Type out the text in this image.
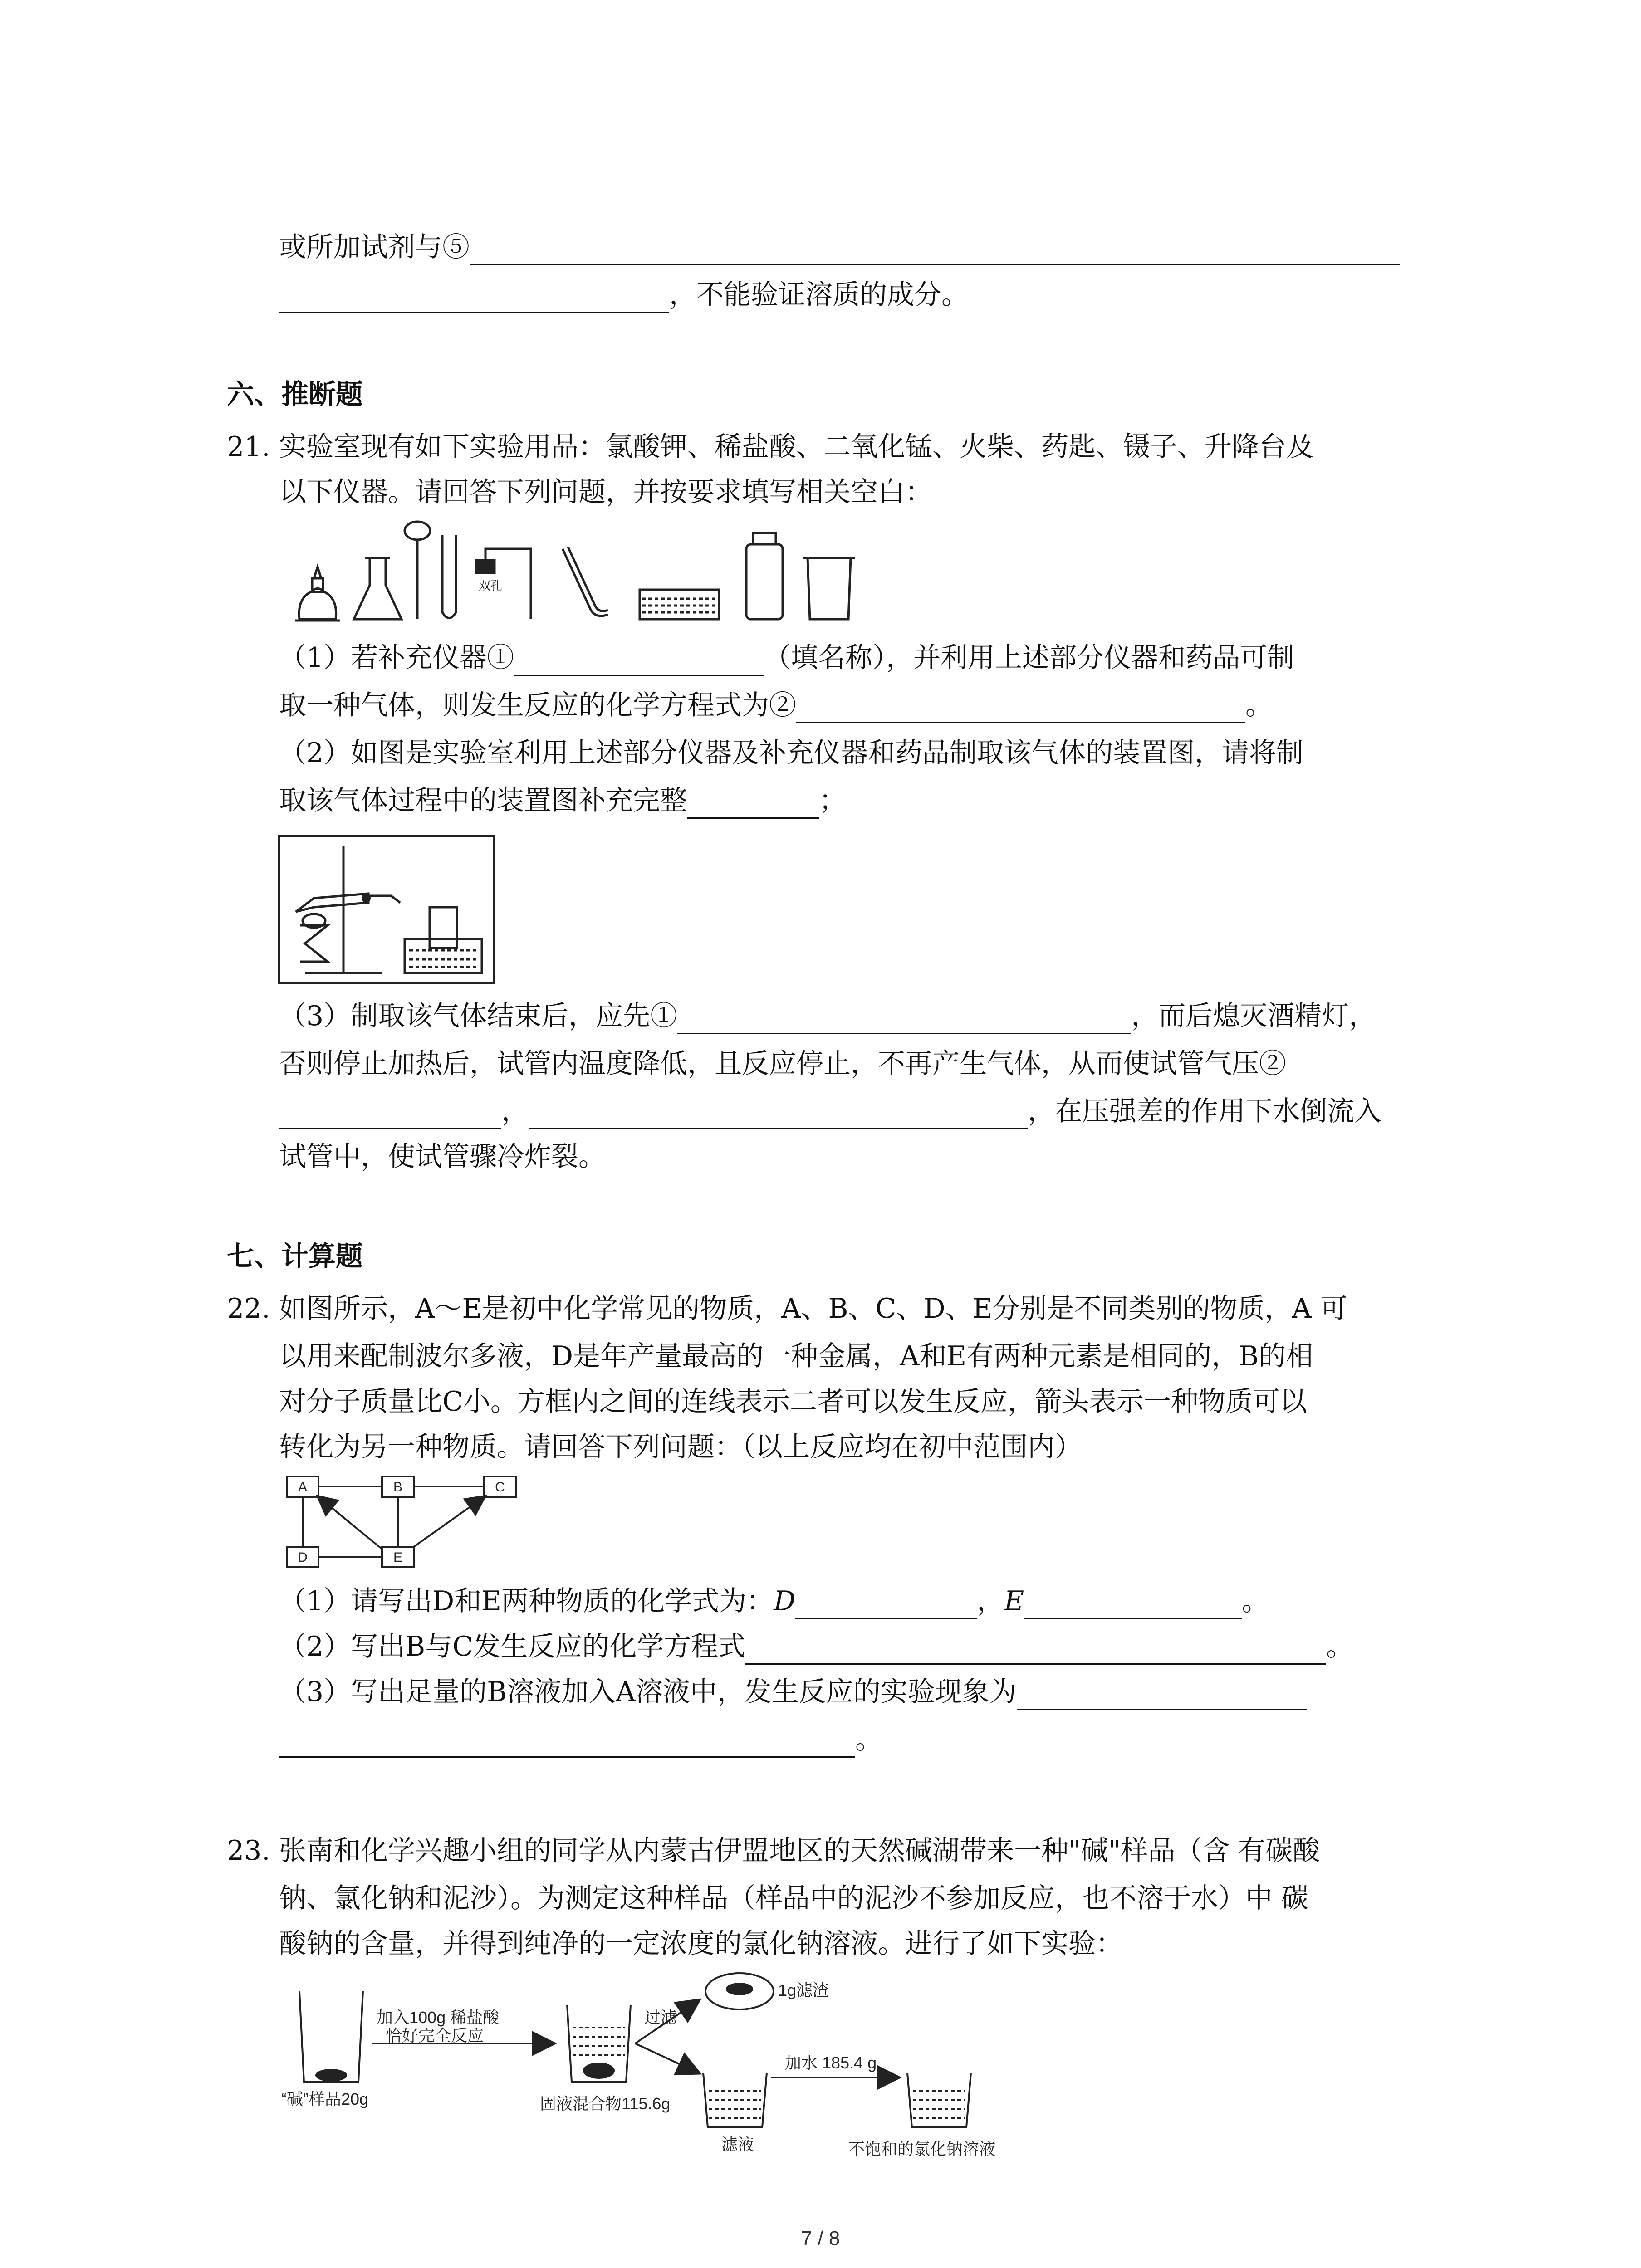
或所加试剂与⑤
，不能验证溶质的成分。
六、推断题
21. 实验室现有如下实验用品：氯酸钾、稀盐酸、二氧化锰、火柴、药匙、镊子、升降台及
以下仪器。请回答下列问题，并按要求填写相关空白：
双孔
（1）若补充仪器①	（填名称），并利用上述部分仪器和药品可制
取一种气体，则发生反应的化学方程式为②	。
（2）如图是实验室利用上述部分仪器及补充仪器和药品制取该气体的装置图，请将制
取该气体过程中的装置图补充完整	；
（3）制取该气体结束后，应先①	，而后熄灭酒精灯，
否则停止加热后，试管内温度降低，且反应停止，不再产生气体，从而使试管气压②
，	，在压强差的作用下水倒流入
试管中，使试管骤冷炸裂。
七、计算题
22. 如图所示，A～E是初中化学常见的物质，A、B、C、D、E分别是不同类别的物质，A 可
以用来配制波尔多液，D是年产量最高的一种金属，A和E有两种元素是相同的，B的相
对分子质量比C小。方框内之间的连线表示二者可以发生反应，箭头表示一种物质可以
转化为另一种物质。请回答下列问题：（以上反应均在初中范围内）
A	B	C
D	E
（1）请写出D和E两种物质的化学式为：D	，E	。
（2）写出B与C发生反应的化学方程式	。
（3）写出足量的B溶液加入A溶液中，发生反应的实验现象为
。
23. 张南和化学兴趣小组的同学从内蒙古伊盟地区的天然碱湖带来一种"碱"样品（含 有碳酸
钠、氯化钠和泥沙）。为测定这种样品（样品中的泥沙不参加反应，也不溶于水）中 碳
酸钠的含量，并得到纯净的一定浓度的氯化钠溶液。进行了如下实验：
“碱”样品20g
加入100g 稀盐酸
恰好完全反应
固液混合物115.6g
过滤
1g滤渣
滤液
加水 185.4 g
不饱和的氯化钠溶液
7 / 8
